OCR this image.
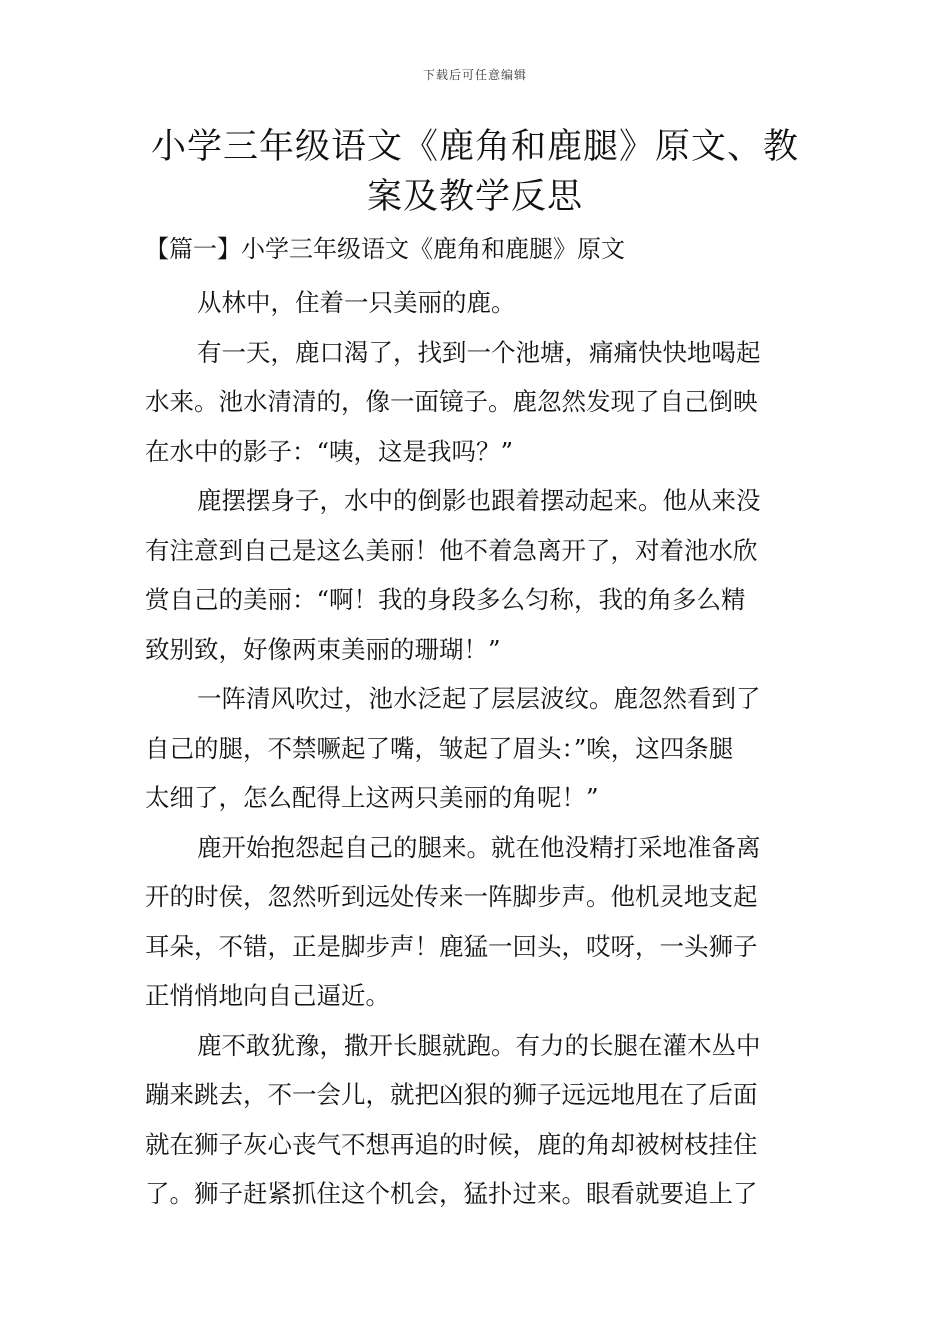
下载后可任意编辑
小学三年级语文《鹿角和鹿腿》原文、教
案及教学反思
【篇一】小学三年级语文《鹿角和鹿腿》原文

从林中，住着一只美丽的鹿。

有一天，鹿口渴了，找到一个池塘，痛痛快快地喝起
水来。池水清清的，像一面镜子。鹿忽然发现了自己倒映
在水中的影子：“咦，这是我吗？”

鹿摆摆身子，水中的倒影也跟着摆动起来。他从来没
有注意到自己是这么美丽！他不着急离开了，对着池水欣
赏自己的美丽：“啊！我的身段多么匀称，我的角多么精
致别致，好像两束美丽的珊瑚！”

一阵清风吹过，池水泛起了层层波纹。鹿忽然看到了
自己的腿，不禁噘起了嘴，皱起了眉头：”唉，这四条腿
太细了，怎么配得上这两只美丽的角呢！”

鹿开始抱怨起自己的腿来。就在他没精打采地准备离
开的时侯，忽然听到远处传来一阵脚步声。他机灵地支起
耳朵，不错，正是脚步声！鹿猛一回头，哎呀，一头狮子
正悄悄地向自己逼近。

鹿不敢犹豫，撒开长腿就跑。有力的长腿在灌木丛中
蹦来跳去，不一会儿，就把凶狠的狮子远远地甩在了后面
就在狮子灰心丧气不想再追的时候，鹿的角却被树枝挂住
了。狮子赶紧抓住这个机会，猛扑过来。眼看就要追上了
